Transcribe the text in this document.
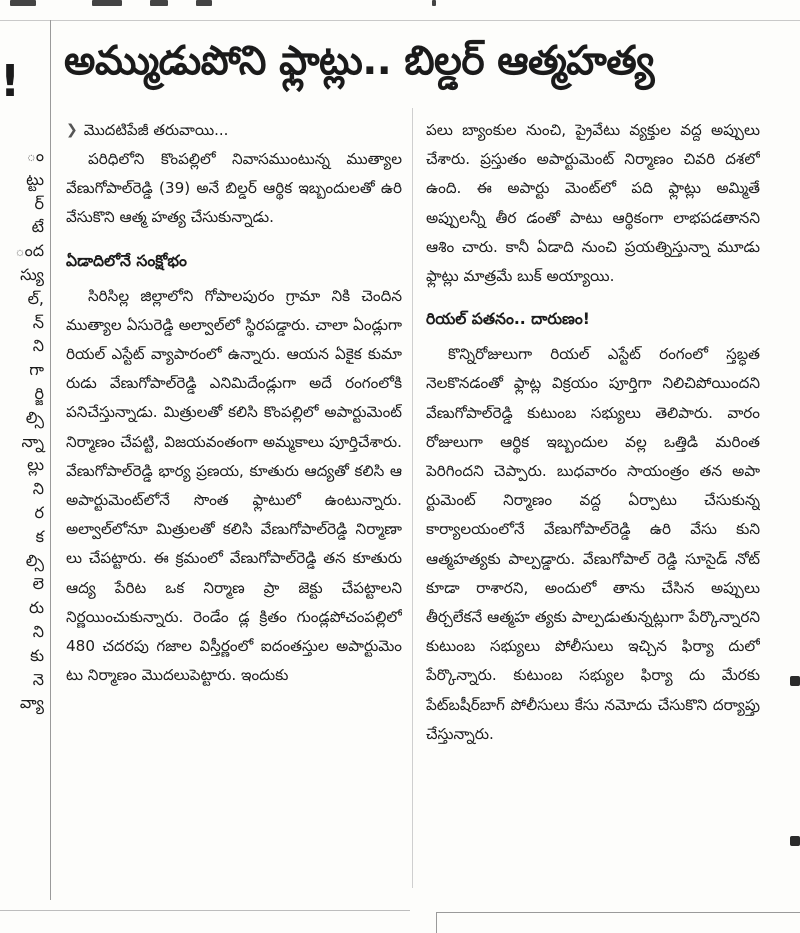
!
ం
ట్టు
ర్
టే
ంద
స్యు
ల్,
న్
ని
గా
ర్జి
ల్సి
న్నా
ల్లు
ని
ర
క
ల్సి
లె
రు
ని
కు
నె
వ్యా
అమ్ముడుపోని ఫ్లాట్లు.. బిల్డర్ ఆత్మహత్య
❯ మొదటిపేజీ తరువాయి...

పరిధిలోని కొంపల్లిలో నివాసముంటున్న ముత్యాల వేణుగోపాల్‌రెడ్డి (39) అనే బిల్డర్ ఆర్థిక ఇబ్బందులతో ఉరి వేసుకొని ఆత్మ హత్య చేసుకున్నాడు.

ఏడాదిలోనే సంక్షోభం

సిరిసిల్ల జిల్లాలోని గోపాలపురం గ్రామా నికి చెందిన ముత్యాల ఏసురెడ్డి అల్వాల్‌లో స్థిరపడ్డారు. చాలా ఏండ్లుగా రియల్ ఎస్టేట్ వ్యాపారంలో ఉన్నారు. ఆయన ఏకైక కుమా రుడు వేణుగోపాల్‌రెడ్డి ఎనిమిదేండ్లుగా అదే రంగంలోకి పనిచేస్తున్నాడు. మిత్రులతో కలిసి కొంపల్లిలో అపార్టుమెంట్ నిర్మాణం చేపట్టి, విజయవంతంగా అమ్మకాలు పూర్తిచేశారు. వేణుగోపాల్‌రెడ్డి భార్య ప్రణయ, కూతురు ఆద్యతో కలిసి ఆ అపార్టుమెంట్‌లోనే సొంత ఫ్లాటులో ఉంటున్నారు. అల్వాల్‌లోనూ మిత్రులతో కలిసి వేణుగోపాల్‌రెడ్డి నిర్మాణా లు చేపట్టారు. ఈ క్రమంలో వేణుగోపాల్‌రెడ్డి తన కూతురు ఆద్య పేరిట ఒక నిర్మాణ ప్రా జెక్టు చేపట్టాలని నిర్ణయించుకున్నారు. రెండేం డ్ల క్రితం గుండ్లపోచంపల్లిలో 480 చదరపు గజాల విస్తీర్ణంలో ఐదంతస్తుల అపార్టుమెం టు నిర్మాణం మొదలుపెట్టారు. ఇందుకు

పలు బ్యాంకుల నుంచి, ప్రైవేటు వ్యక్తుల వద్ద అప్పులు చేశారు. ప్రస్తుతం అపార్టుమెంట్ నిర్మాణం చివరి దశలో ఉంది. ఈ అపార్టు మెంట్‌లో పది ఫ్లాట్లు అమ్మితే అప్పులన్నీ తీర డంతో పాటు ఆర్థికంగా లాభపడతానని ఆశిం చారు. కానీ ఏడాది నుంచి ప్రయత్నిస్తున్నా మూడు ఫ్లాట్లు మాత్రమే బుక్ అయ్యాయి.

రియల్ పతనం.. దారుణం!

కొన్నిరోజులుగా రియల్ ఎస్టేట్ రంగంలో స్తబ్ధత నెలకొనడంతో ఫ్లాట్ల విక్రయం పూర్తిగా నిలిచిపోయిందని వేణుగోపాల్‌రెడ్డి కుటుంబ సభ్యులు తెలిపారు. వారం రోజులుగా ఆర్థిక ఇబ్బందుల వల్ల ఒత్తిడి మరింత పెరిగిందని చెప్పారు. బుధవారం సాయంత్రం తన అపా ర్టుమెంట్ నిర్మాణం వద్ద ఏర్పాటు చేసుకున్న కార్యాలయంలోనే వేణుగోపాల్‌రెడ్డి ఉరి వేసు కుని ఆత్మహత్యకు పాల్పడ్డారు. వేణుగోపాల్ రెడ్డి సూసైడ్ నోట్ కూడా రాశారని, అందులో తాను చేసిన అప్పులు తీర్చలేకనే ఆత్మహ త్యకు పాల్పడుతున్నట్లుగా పేర్కొన్నారని కుటుంబ సభ్యులు పోలీసులు ఇచ్చిన ఫిర్యా దులో పేర్కొన్నారు. కుటుంబ సభ్యుల ఫిర్యా దు మేరకు పేట్‌బషీర్‌బాగ్ పోలీసులు కేసు నమోదు చేసుకొని దర్యాప్తు చేస్తున్నారు.
